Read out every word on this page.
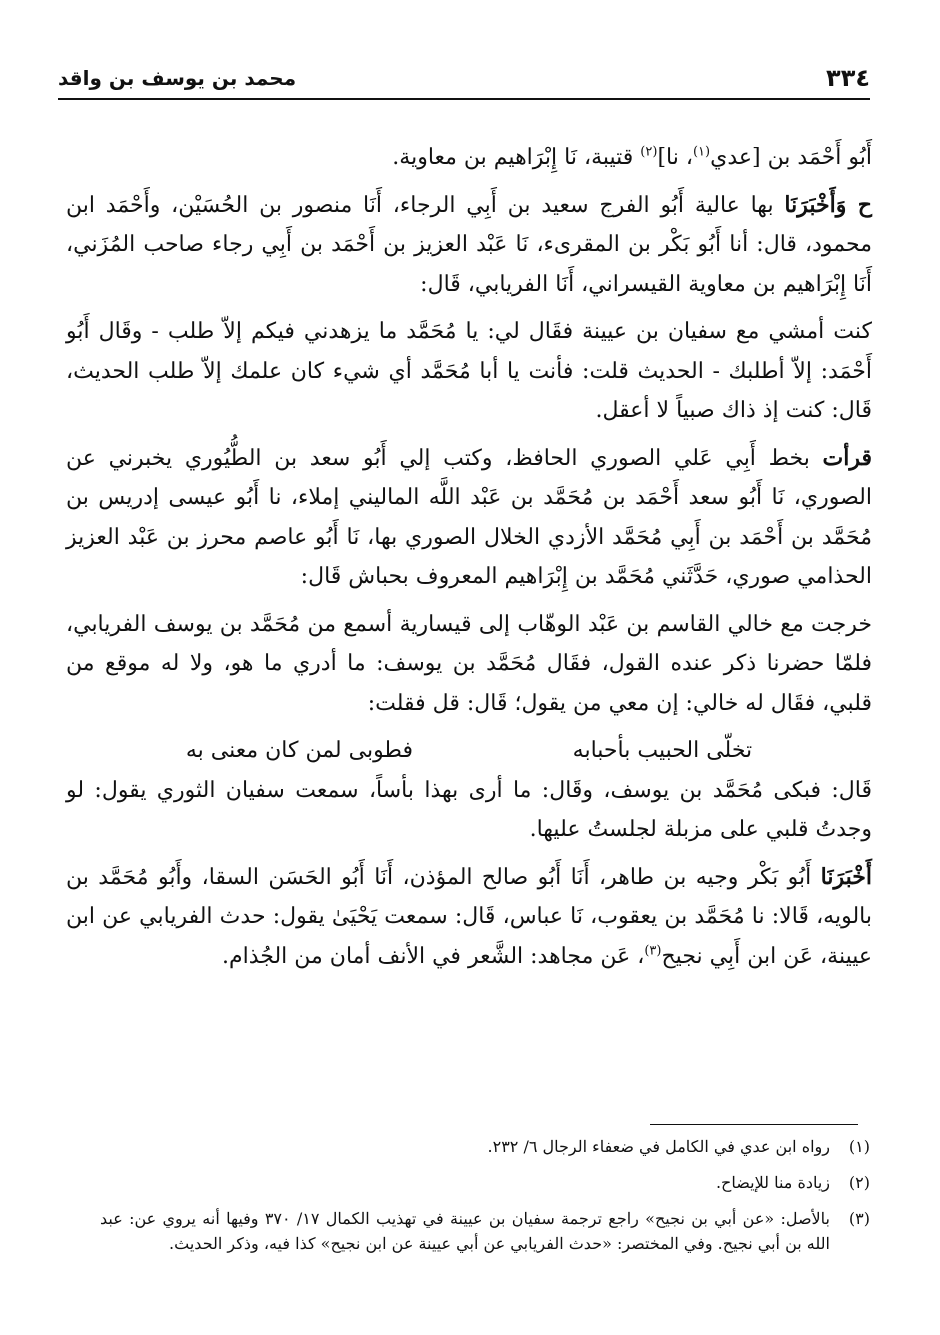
محمد بن يوسف بن واقد	٣٣٤

أَبُو أَحْمَد بن [عدي$^{(١)}$، نا]$^{(٢)}$ قتيبة، نَا إِبْرَاهيم بن معاوية.

ح وَأَخْبَرَنَا بها عالية أَبُو الفرج سعيد بن أَبِي الرجاء، أَنَا منصور بن الحُسَيْن، وأَحْمَد ابن محمود، قال: أنا أَبُو بَكْر بن المقرىء، نَا عَبْد العزيز بن أَحْمَد بن أَبِي رجاء صاحب المُزَني، أَنَا إِبْرَاهيم بن معاوية القيسراني، أَنَا الفريابي، قَال:

كنت أمشي مع سفيان بن عيينة فقَال لي: يا مُحَمَّد ما يزهدني فيكم إلاّ طلب - وقَال أَبُو أَحْمَد: إلاّ أطلبك - الحديث قلت: فأنت يا أبا مُحَمَّد أي شيء كان علمك إلاّ طلب الحديث، قَال: كنت إذ ذاك صبياً لا أعقل.

قرأت بخط أَبِي عَلي الصوري الحافظ، وكتب إلي أَبُو سعد بن الطُّيُوري يخبرني عن الصوري، نَا أَبُو سعد أَحْمَد بن مُحَمَّد بن عَبْد اللَّه الماليني إملاء، نا أَبُو عيسى إدريس بن مُحَمَّد بن أَحْمَد بن أَبِي مُحَمَّد الأزدي الخلال الصوري بها، نَا أَبُو عاصم محرز بن عَبْد العزيز الحذامي صوري، حَدَّثَني مُحَمَّد بن إِبْرَاهيم المعروف بحباش قَال:

خرجت مع خالي القاسم بن عَبْد الوهّاب إلى قيسارية أسمع من مُحَمَّد بن يوسف الفريابي، فلمّا حضرنا ذكر عنده القول، فقَال مُحَمَّد بن يوسف: ما أدري ما هو، ولا له موقع من قلبي، فقَال له خالي: إن معي من يقول؛ قَال: قل فقلت:

تخلّى الحبيب بأحبابه
فطوبى لمن كان معنى به

قَال: فبكى مُحَمَّد بن يوسف، وقَال: ما أرى بهذا بأساً، سمعت سفيان الثوري يقول: لو وجدتُ قلبي على مزبلة لجلستُ عليها.

أَخْبَرَنَا أَبُو بَكْر وجيه بن طاهر، أَنَا أَبُو صالح المؤذن، أَنَا أَبُو الحَسَن السقا، وأَبُو مُحَمَّد بن بالويه، قَالا: نا مُحَمَّد بن يعقوب، نَا عباس، قَال: سمعت يَحْيَىٰ يقول: حدث الفريابي عن ابن عيينة، عَن ابن أَبِي نجيح$^{(٣)}$، عَن مجاهد: الشَّعر في الأنف أمان من الجُذام.

(١)
رواه ابن عدي في الكامل في ضعفاء الرجال ٦/ ٢٣٢.
(٢)
زيادة منا للإيضاح.
(٣)
بالأصل: «عن أبي بن نجيح» راجع ترجمة سفيان بن عيينة في تهذيب الكمال ١٧/ ٣٧٠ وفيها أنه يروي عن: عبد الله بن أبي نجيح. وفي المختصر: «حدث الفريابي عن أبي عيينة عن ابن نجيح» كذا فيه، وذكر الحديث.
